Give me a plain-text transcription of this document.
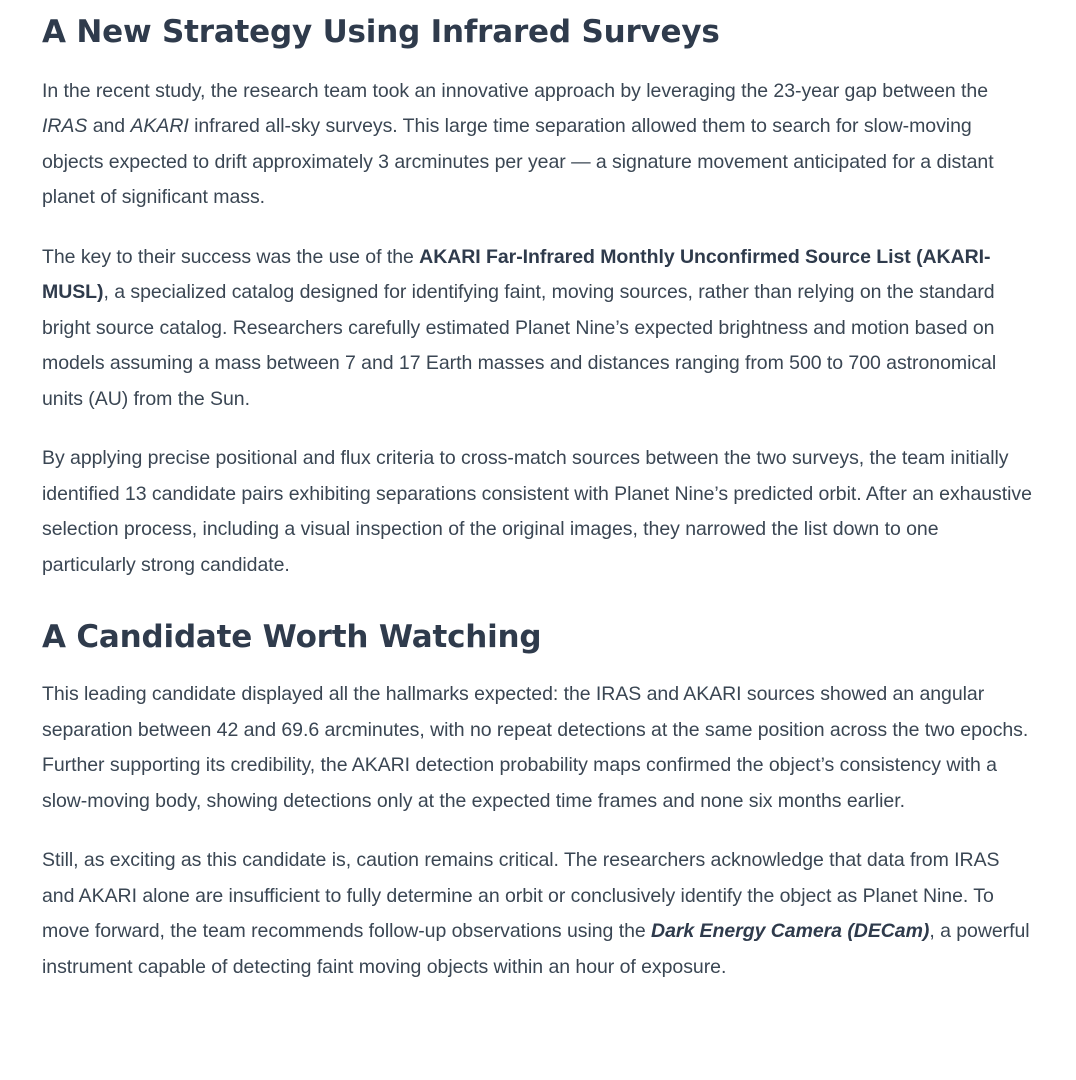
A New Strategy Using Infrared Surveys

In the recent study, the research team took an innovative approach by leveraging the 23-year gap between the IRAS and AKARI infrared all-sky surveys. This large time separation allowed them to search for slow-moving objects expected to drift approximately 3 arcminutes per year — a signature movement anticipated for a distant planet of significant mass.

The key to their success was the use of the AKARI Far-Infrared Monthly Unconfirmed Source List (AKARI-MUSL), a specialized catalog designed for identifying faint, moving sources, rather than relying on the standard bright source catalog. Researchers carefully estimated Planet Nine’s expected brightness and motion based on models assuming a mass between 7 and 17 Earth masses and distances ranging from 500 to 700 astronomical units (AU) from the Sun.

By applying precise positional and flux criteria to cross-match sources between the two surveys, the team initially identified 13 candidate pairs exhibiting separations consistent with Planet Nine’s predicted orbit. After an exhaustive selection process, including a visual inspection of the original images, they narrowed the list down to one particularly strong candidate.

A Candidate Worth Watching

This leading candidate displayed all the hallmarks expected: the IRAS and AKARI sources showed an angular separation between 42 and 69.6 arcminutes, with no repeat detections at the same position across the two epochs. Further supporting its credibility, the AKARI detection probability maps confirmed the object’s consistency with a slow-moving body, showing detections only at the expected time frames and none six months earlier.

Still, as exciting as this candidate is, caution remains critical. The researchers acknowledge that data from IRAS and AKARI alone are insufficient to fully determine an orbit or conclusively identify the object as Planet Nine. To move forward, the team recommends follow-up observations using the Dark Energy Camera (DECam), a powerful instrument capable of detecting faint moving objects within an hour of exposure.
